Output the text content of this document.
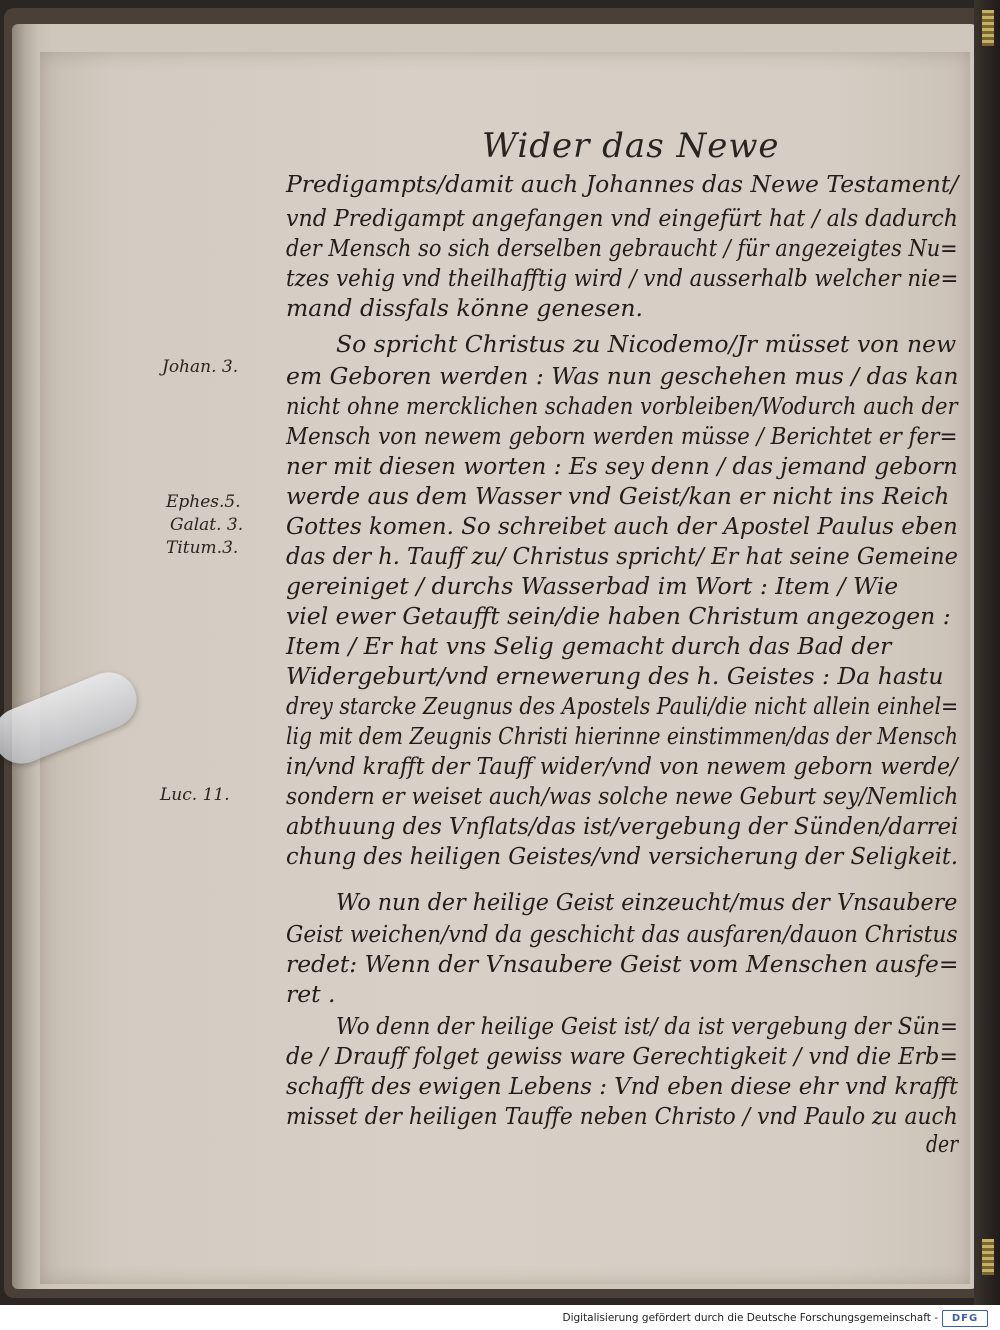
Wider das Newe
Johan. 3.
Ephes.5.
Galat. 3.
Titum.3.
Luc. 11.
Predigampts/damit auch Johannes das Newe Testament/
vnd Predigampt angefangen vnd eingefürt hat / als dadurch
der Mensch so sich derselben gebraucht / für angezeigtes Nu=
tzes vehig vnd theilhafftig wird / vnd ausserhalb welcher nie=
mand dissfals könne genesen.
So spricht Christus zu Nicodemo/Jr müsset von new
em Geboren werden : Was nun geschehen mus / das kan
nicht ohne mercklichen schaden vorbleiben/Wodurch auch der
Mensch von newem geborn werden müsse / Berichtet er fer=
ner mit diesen worten : Es sey denn / das jemand geborn
werde aus dem Wasser vnd Geist/kan er nicht ins Reich
Gottes komen. So schreibet auch der Apostel Paulus eben
das der h. Tauff zu/ Christus spricht/ Er hat seine Gemeine
gereiniget / durchs Wasserbad im Wort : Item / Wie
viel ewer Getaufft sein/die haben Christum angezogen :
Item / Er hat vns Selig gemacht durch das Bad der
Widergeburt/vnd ernewerung des h. Geistes : Da hastu
drey starcke Zeugnus des Apostels Pauli/die nicht allein einhel=
lig mit dem Zeugnis Christi hierinne einstimmen/das der Mensch
in/vnd krafft der Tauff wider/vnd von newem geborn werde/
sondern er weiset auch/was solche newe Geburt sey/Nemlich
abthuung des Vnflats/das ist/vergebung der Sünden/darrei
chung des heiligen Geistes/vnd versicherung der Seligkeit.
Wo nun der heilige Geist einzeucht/mus der Vnsaubere
Geist weichen/vnd da geschicht das ausfaren/dauon Christus
redet: Wenn der Vnsaubere Geist vom Menschen ausfe=
ret .
Wo denn der heilige Geist ist/ da ist vergebung der Sün=
de / Drauff folget gewiss ware Gerechtigkeit / vnd die Erb=
schafft des ewigen Lebens : Vnd eben diese ehr vnd krafft
misset der heiligen Tauffe neben Christo / vnd Paulo zu auch
der
Digitalisierung gefördert durch die Deutsche Forschungsgemeinschaft -	DFG
